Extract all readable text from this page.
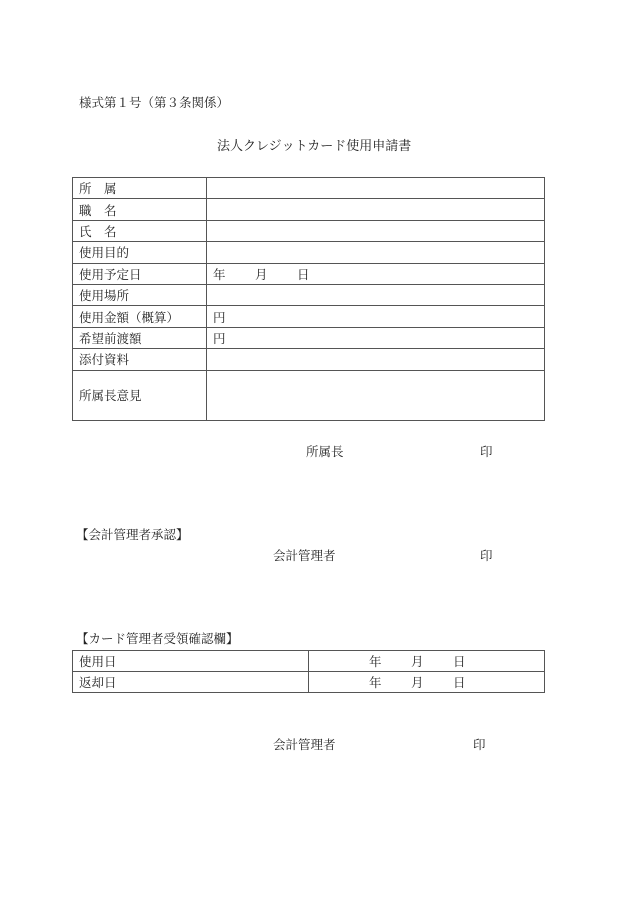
様式第１号（第３条関係）
法人クレジットカード使用申請書
所　属	
職　名	
氏　名	
使用目的	
使用予定日	年 月 日
使用場所	
使用金額（概算）	円
希望前渡額	円
添付資料	
所属長意見	
所属長	印
【会計管理者承認】
会計管理者	印
【カード管理者受領確認欄】
使用日	年 月 日
返却日	年 月 日
会計管理者	印
